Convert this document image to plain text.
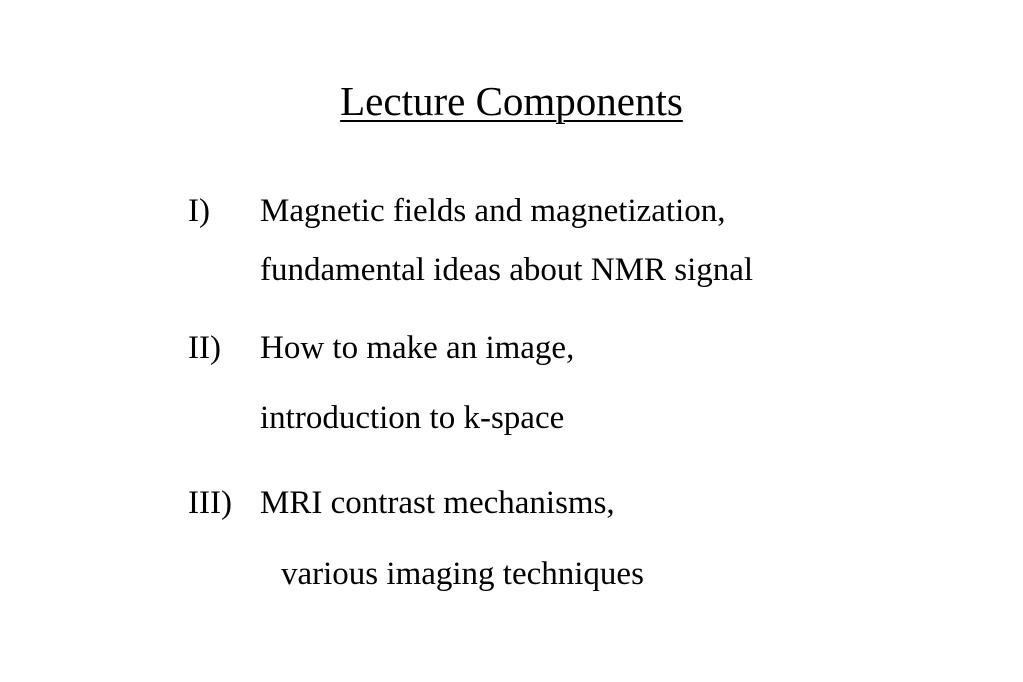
Lecture Components
I) Magnetic fields and magnetization,
fundamental ideas about NMR signal
II) How to make an image,
introduction to k-space
III) MRI contrast mechanisms,
various imaging techniques
